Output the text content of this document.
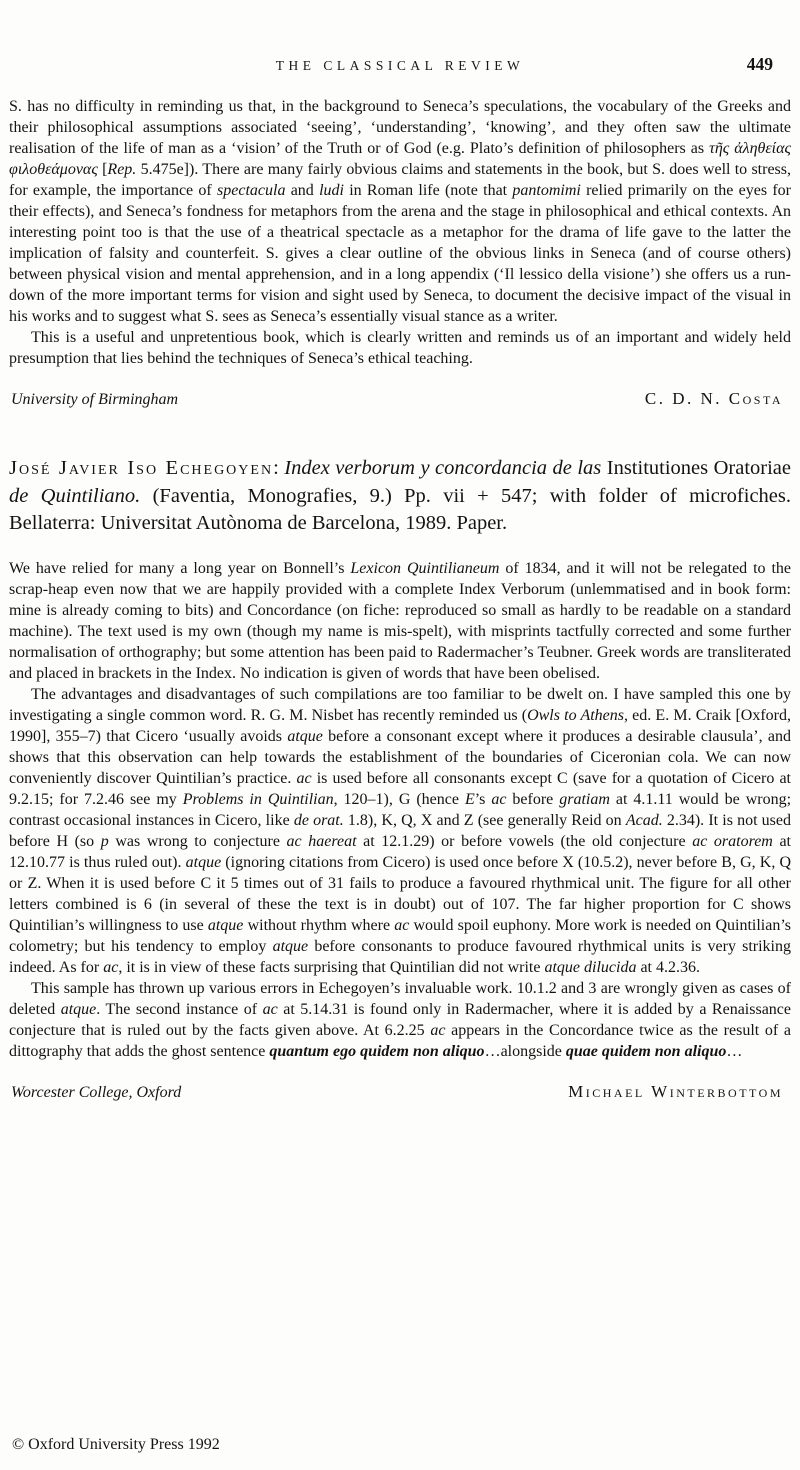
THE CLASSICAL REVIEW	449

S. has no difficulty in reminding us that, in the background to Seneca’s speculations, the vocabulary of the Greeks and their philosophical assumptions associated ‘seeing’, ‘understanding’, ‘knowing’, and they often saw the ultimate realisation of the life of man as a ‘vision’ of the Truth or of God (e.g. Plato’s definition of philosophers as τῆς ἀληθείας φιλοθεάμονας [Rep. 5.475e]). There are many fairly obvious claims and statements in the book, but S. does well to stress, for example, the importance of spectacula and ludi in Roman life (note that pantomimi relied primarily on the eyes for their effects), and Seneca’s fondness for metaphors from the arena and the stage in philosophical and ethical contexts. An interesting point too is that the use of a theatrical spectacle as a metaphor for the drama of life gave to the latter the implication of falsity and counterfeit. S. gives a clear outline of the obvious links in Seneca (and of course others) between physical vision and mental apprehension, and in a long appendix (‘Il lessico della visione’) she offers us a run-down of the more important terms for vision and sight used by Seneca, to document the decisive impact of the visual in his works and to suggest what S. sees as Seneca’s essentially visual stance as a writer.

This is a useful and unpretentious book, which is clearly written and reminds us of an important and widely held presumption that lies behind the techniques of Seneca’s ethical teaching.

University of Birmingham	C. D. N. Costa
José Javier Iso Echegoyen: Index verborum y concordancia de las Institutiones Oratoriae de Quintiliano. (Faventia, Monografies, 9.) Pp. vii + 547; with folder of microfiches. Bellaterra: Universitat Autònoma de Barcelona, 1989. Paper.

We have relied for many a long year on Bonnell’s Lexicon Quintilianeum of 1834, and it will not be relegated to the scrap-heap even now that we are happily provided with a complete Index Verborum (unlemmatised and in book form: mine is already coming to bits) and Concordance (on fiche: reproduced so small as hardly to be readable on a standard machine). The text used is my own (though my name is mis-spelt), with misprints tactfully corrected and some further normalisation of orthography; but some attention has been paid to Radermacher’s Teubner. Greek words are transliterated and placed in brackets in the Index. No indication is given of words that have been obelised.

The advantages and disadvantages of such compilations are too familiar to be dwelt on. I have sampled this one by investigating a single common word. R. G. M. Nisbet has recently reminded us (Owls to Athens, ed. E. M. Craik [Oxford, 1990], 355–7) that Cicero ‘usually avoids atque before a consonant except where it produces a desirable clausula’, and shows that this observation can help towards the establishment of the boundaries of Ciceronian cola. We can now conveniently discover Quintilian’s practice. ac is used before all consonants except C (save for a quotation of Cicero at 9.2.15; for 7.2.46 see my Problems in Quintilian, 120–1), G (hence E’s ac before gratiam at 4.1.11 would be wrong; contrast occasional instances in Cicero, like de orat. 1.8), K, Q, X and Z (see generally Reid on Acad. 2.34). It is not used before H (so p was wrong to conjecture ac haereat at 12.1.29) or before vowels (the old conjecture ac oratorem at 12.10.77 is thus ruled out). atque (ignoring citations from Cicero) is used once before X (10.5.2), never before B, G, K, Q or Z. When it is used before C it 5 times out of 31 fails to produce a favoured rhythmical unit. The figure for all other letters combined is 6 (in several of these the text is in doubt) out of 107. The far higher proportion for C shows Quintilian’s willingness to use atque without rhythm where ac would spoil euphony. More work is needed on Quintilian’s colometry; but his tendency to employ atque before consonants to produce favoured rhythmical units is very striking indeed. As for ac, it is in view of these facts surprising that Quintilian did not write atque dilucida at 4.2.36.

This sample has thrown up various errors in Echegoyen’s invaluable work. 10.1.2 and 3 are wrongly given as cases of deleted atque. The second instance of ac at 5.14.31 is found only in Radermacher, where it is added by a Renaissance conjecture that is ruled out by the facts given above. At 6.2.25 ac appears in the Concordance twice as the result of a dittography that adds the ghost sentence quantum ego quidem non aliquo…alongside quae quidem non aliquo…

Worcester College, Oxford	Michael Winterbottom
© Oxford University Press 1992
